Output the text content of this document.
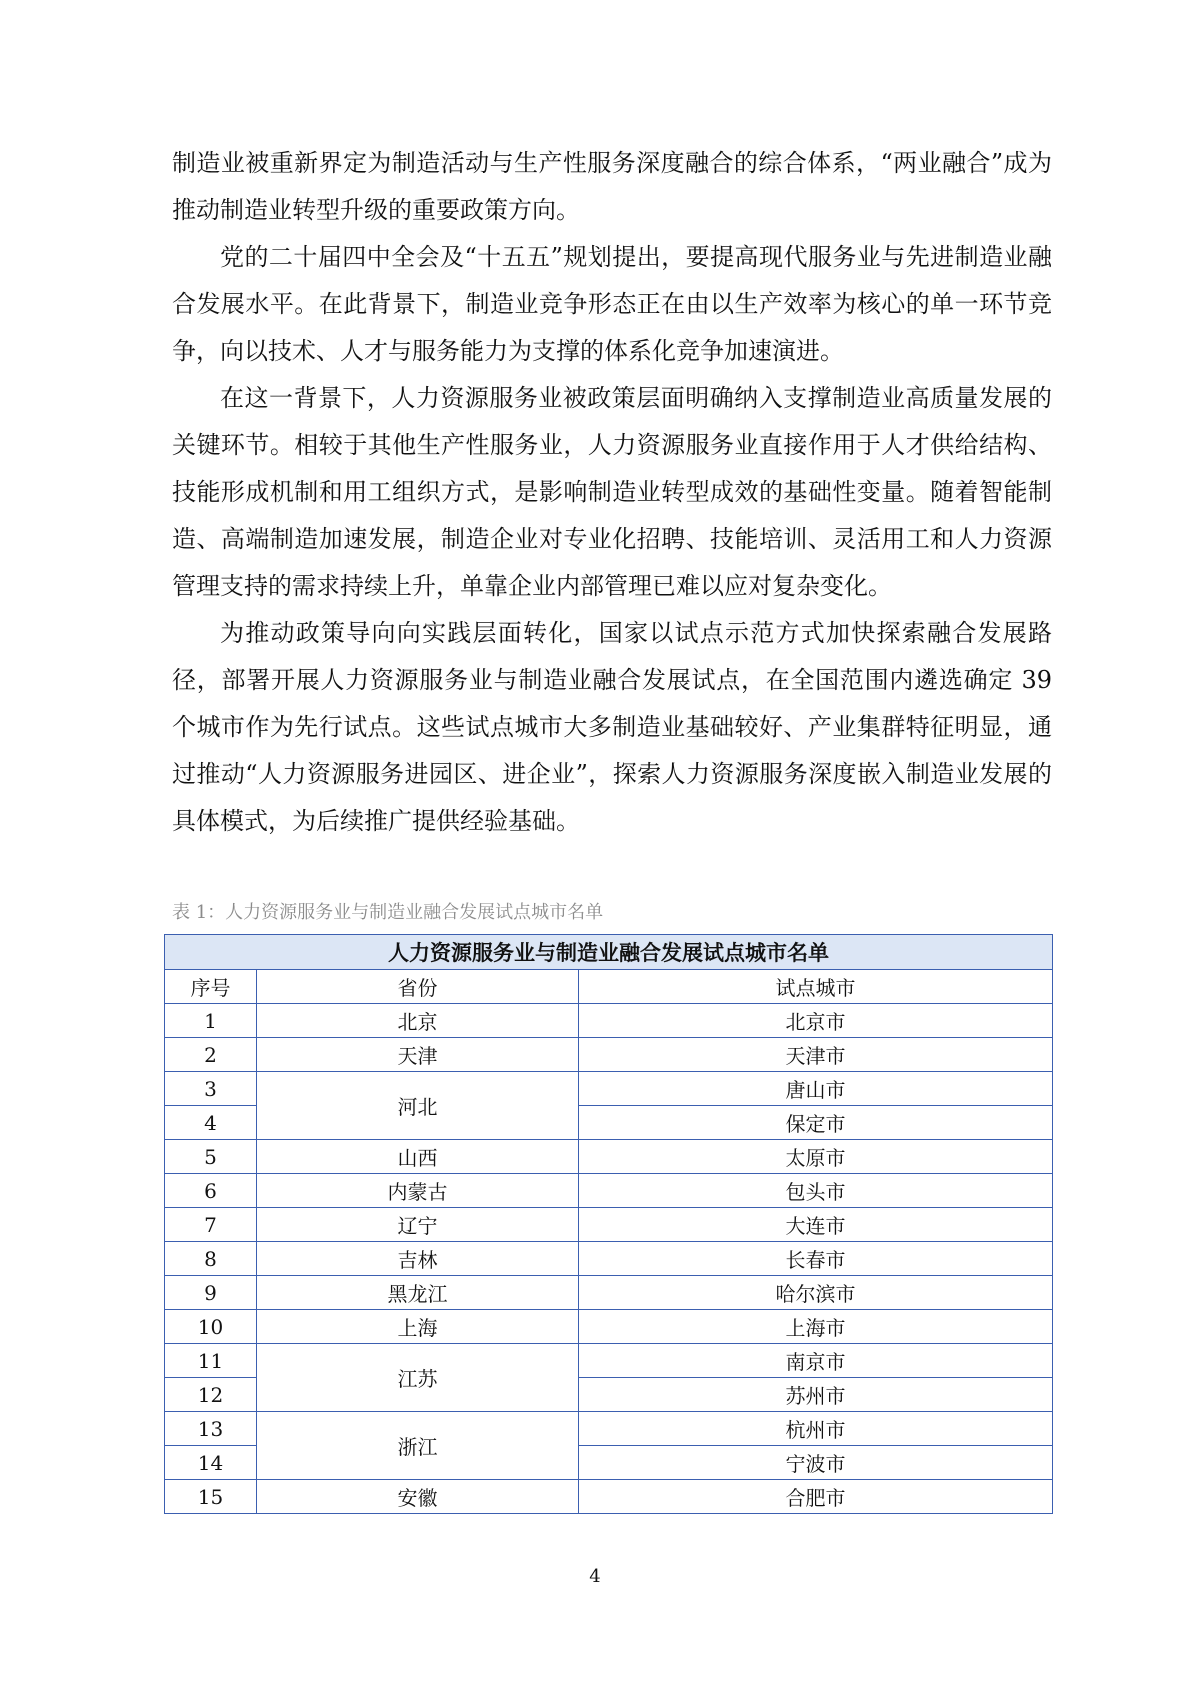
制造业被重新界定为制造活动与生产性服务深度融合的综合体系，“两业融合”成为推动制造业转型升级的重要政策方向。

党的二十届四中全会及“十五五”规划提出，要提高现代服务业与先进制造业融合发展水平。在此背景下，制造业竞争形态正在由以生产效率为核心的单一环节竞争，向以技术、人才与服务能力为支撑的体系化竞争加速演进。

在这一背景下，人力资源服务业被政策层面明确纳入支撑制造业高质量发展的关键环节。相较于其他生产性服务业，人力资源服务业直接作用于人才供给结构、技能形成机制和用工组织方式，是影响制造业转型成效的基础性变量。随着智能制造、高端制造加速发展，制造企业对专业化招聘、技能培训、灵活用工和人力资源管理支持的需求持续上升，单靠企业内部管理已难以应对复杂变化。

为推动政策导向向实践层面转化，国家以试点示范方式加快探索融合发展路径，部署开展人力资源服务业与制造业融合发展试点，在全国范围内遴选确定 39 个城市作为先行试点。这些试点城市大多制造业基础较好、产业集群特征明显，通过推动“人力资源服务进园区、进企业”，探索人力资源服务深度嵌入制造业发展的具体模式，为后续推广提供经验基础。

表 1：人力资源服务业与制造业融合发展试点城市名单
人力资源服务业与制造业融合发展试点城市名单		
序号	省份	试点城市
1	北京	北京市
2	天津	天津市
3	河北	唐山市
4		保定市
5	山西	太原市
6	内蒙古	包头市
7	辽宁	大连市
8	吉林	长春市
9	黑龙江	哈尔滨市
10	上海	上海市
11	江苏	南京市
12		苏州市
13	浙江	杭州市
14		宁波市
15	安徽	合肥市
4
